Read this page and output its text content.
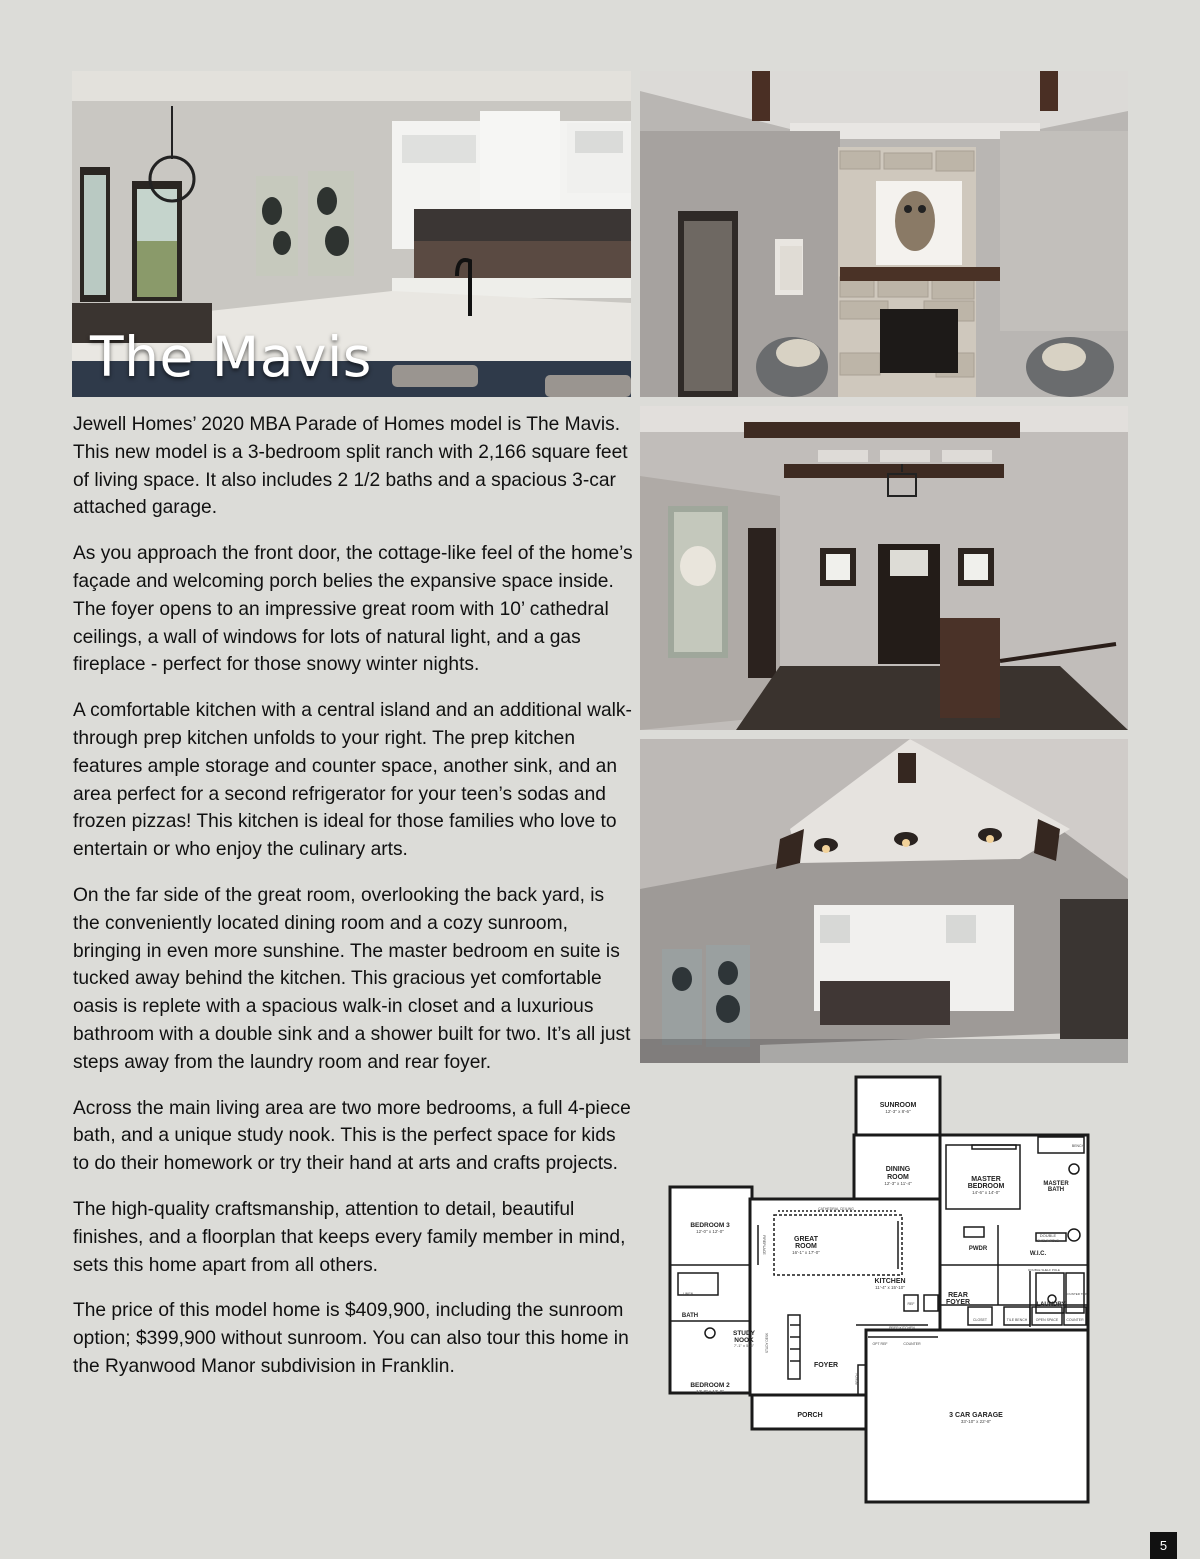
The Mavis

Jewell Homes’ 2020 MBA Parade of Homes model is The Mavis. This new model is a 3-bedroom split ranch with 2,166 square feet of living space. It also includes 2 1/2 baths and a spacious 3-car attached garage.

As you approach the front door, the cottage-like feel of the home’s façade and welcoming porch belies the expansive space inside. The foyer opens to an impressive great room with 10’ cathedral ceilings, a wall of windows for lots of natural light, and a gas fireplace - perfect for those snowy winter nights.

A comfortable kitchen with a central island and an additional walk-through prep kitchen unfolds to your right. The prep kitchen features ample storage and counter space, another sink, and an area perfect for a second refrigerator for your teen’s sodas and frozen pizzas! This kitchen is ideal for those families who love to entertain or who enjoy the culinary arts.

On the far side of the great room, overlooking the back yard, is the conveniently located dining room and a cozy sunroom, bringing in even more sunshine. The master bedroom en suite is tucked away behind the kitchen. This gracious yet comfortable oasis is replete with a spacious walk-in closet and a luxurious bathroom with a double sink and a shower built for two. It’s all just steps away from the laundry room and rear foyer.

Across the main living area are two more bedrooms, a full 4-piece bath, and a unique study nook. This is the perfect space for kids to do their homework or try their hand at arts and crafts projects.

The high-quality craftsmanship, attention to detail, beautiful finishes, and a floorplan that keeps every family member in mind, sets this home apart from all others.

The price of this model home is $409,900, including the sunroom option; $399,900 without sunroom. You can also tour this home in the Ryanwood Manor subdivision in Franklin.

SUNROOM
12'-3" x 8'-6"
DINING
ROOM
12'-3" x 11'-4"
MASTER
BEDROOM
14'-6" x 14'-0"
MASTER
BATH
BENCH
DOUBLE
SHELF POLE
W.I.C.
PWDR
BEDROOM 3
12'-0" x 12'-0"
CATHEDRAL CEILING
GREAT
ROOM
16'-1" x 17'-0"
FIREPLACE
KITCHEN
11'-4" x 15'-10"
REAR
FOYER
DOUBLE SHELF POLE
LAUNDRY
COUNTER TOP
LINEN
BATH
STUDY
NOOK
7'-1" x 5'-6"	STUDY DESK
PREP KITCHEN
COUNTER
REF
OPT REF
CLOSET	TILE BENCH OPEN SPACE COUNTER
FOYER
BENCH
BEDROOM 2
12'-3" x 12'-0"
PORCH	3 CAR GARAGE
33'-10" x 22'-8"
5
